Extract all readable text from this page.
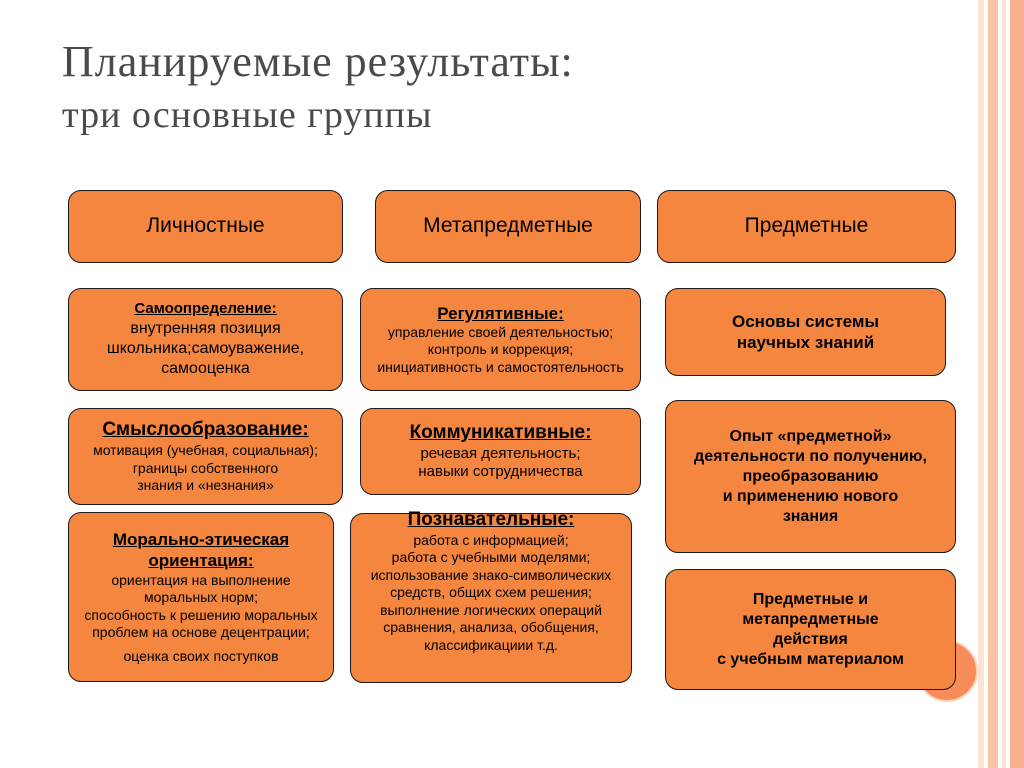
Планируемые результаты:
три основные группы
Личностные	Метапредметные	Предметные
Самоопределение:
внутренняя позиция
школьника;самоуважение,
самооценка
Смыслообразование:
мотивация (учебная, социальная);
границы собственного
знания и «незнания»
Морально-этическая ориентация:
ориентация на выполнение
моральных норм;
способность к решению моральных
проблем на основе децентрации;
оценка своих поступков
Регулятивные:
управление своей деятельностью;
контроль и коррекция;
инициативность и самостоятельность
Коммуникативные:
речевая деятельность;
навыки сотрудничества
Познавательные:
работа с информацией;
работа с учебными моделями;
использование знако-символических
средств, общих схем решения;
выполнение логических операций
сравнения, анализа, обобщения,
классификациии т.д.
Основы системы
научных знаний
Опыт «предметной»
деятельности по получению,
преобразованию
и применению нового
знания
Предметные и
метапредметные
действия
с учебным материалом
